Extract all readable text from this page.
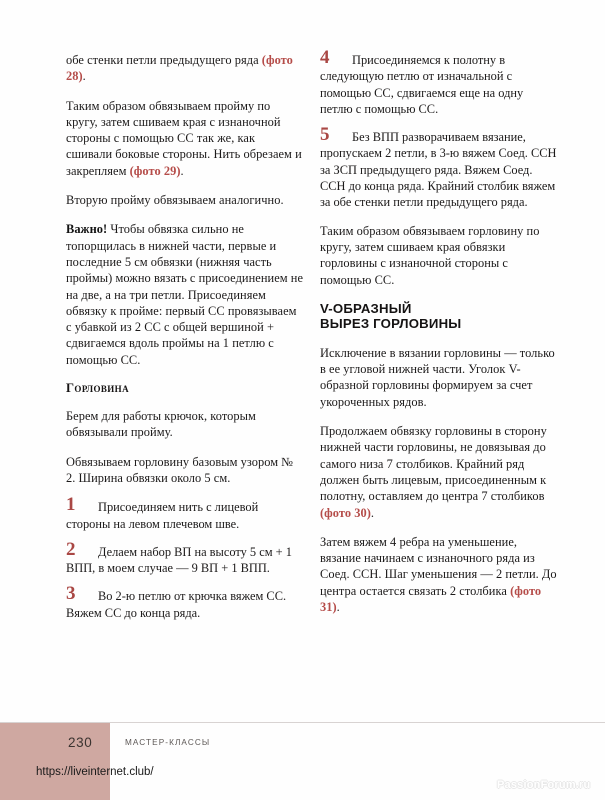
обе стенки петли предыдущего ряда (фото 28).

Таким образом обвязываем пройму по кругу, затем сшиваем края с изнаночной стороны с помощью СС так же, как сшивали боковые стороны. Нить обрезаем и закрепляем (фото 29).

Вторую пройму обвязываем аналогично.

Важно! Чтобы обвязка сильно не топорщилась в нижней части, первые и последние 5 см обвязки (нижняя часть проймы) можно вязать с присоединением не на две, а на три петли. Присоединяем обвязку к пройме: первый СС провязываем с убавкой из 2 СС с общей вершиной + сдвигаемся вдоль проймы на 1 петлю с помощью СС.

Горловина

Берем для работы крючок, которым обвязывали пройму.

Обвязываем горловину базовым узором № 2. Ширина обвязки около 5 см.

1	Присоединяем нить с лицевой стороны на левом плечевом шве.
2	Делаем набор ВП на высоту 5 см + 1 ВПП, в моем случае — 9 ВП + 1 ВПП.
3	Во 2-ю петлю от крючка вяжем СС. Вяжем СС до конца ряда.
4	Присоединяемся к полотну в следующую петлю от изначальной с помощью СС, сдвигаемся еще на одну петлю с помощью СС.
5	Без ВПП разворачиваем вязание, пропускаем 2 петли, в 3-ю вяжем Соед. ССН за ЗСП предыдущего ряда. Вяжем Соед. ССН до конца ряда. Крайний столбик вяжем за обе стенки петли предыдущего ряда.

Таким образом обвязываем горловину по кругу, затем сшиваем края обвязки горловины с изнаночной стороны с помощью СС.

V-ОБРАЗНЫЙ
ВЫРЕЗ ГОРЛОВИНЫ

Исключение в вязании горловины — только в ее угловой нижней части. Уголок V-образной горловины формируем за счет укороченных рядов.

Продолжаем обвязку горловины в сторону нижней части горловины, не довязывая до самого низа 7 столбиков. Крайний ряд должен быть лицевым, присоединенным к полотну, оставляем до центра 7 столбиков (фото 30).

Затем вяжем 4 ребра на уменьшение, вязание начинаем с изнаночного ряда из Соед. ССН. Шаг уменьшения — 2 петли. До центра остается связать 2 столбика (фото 31).

230	МАСТЕР-КЛАССЫ
https://liveinternet.club/
PassionForum.ru
